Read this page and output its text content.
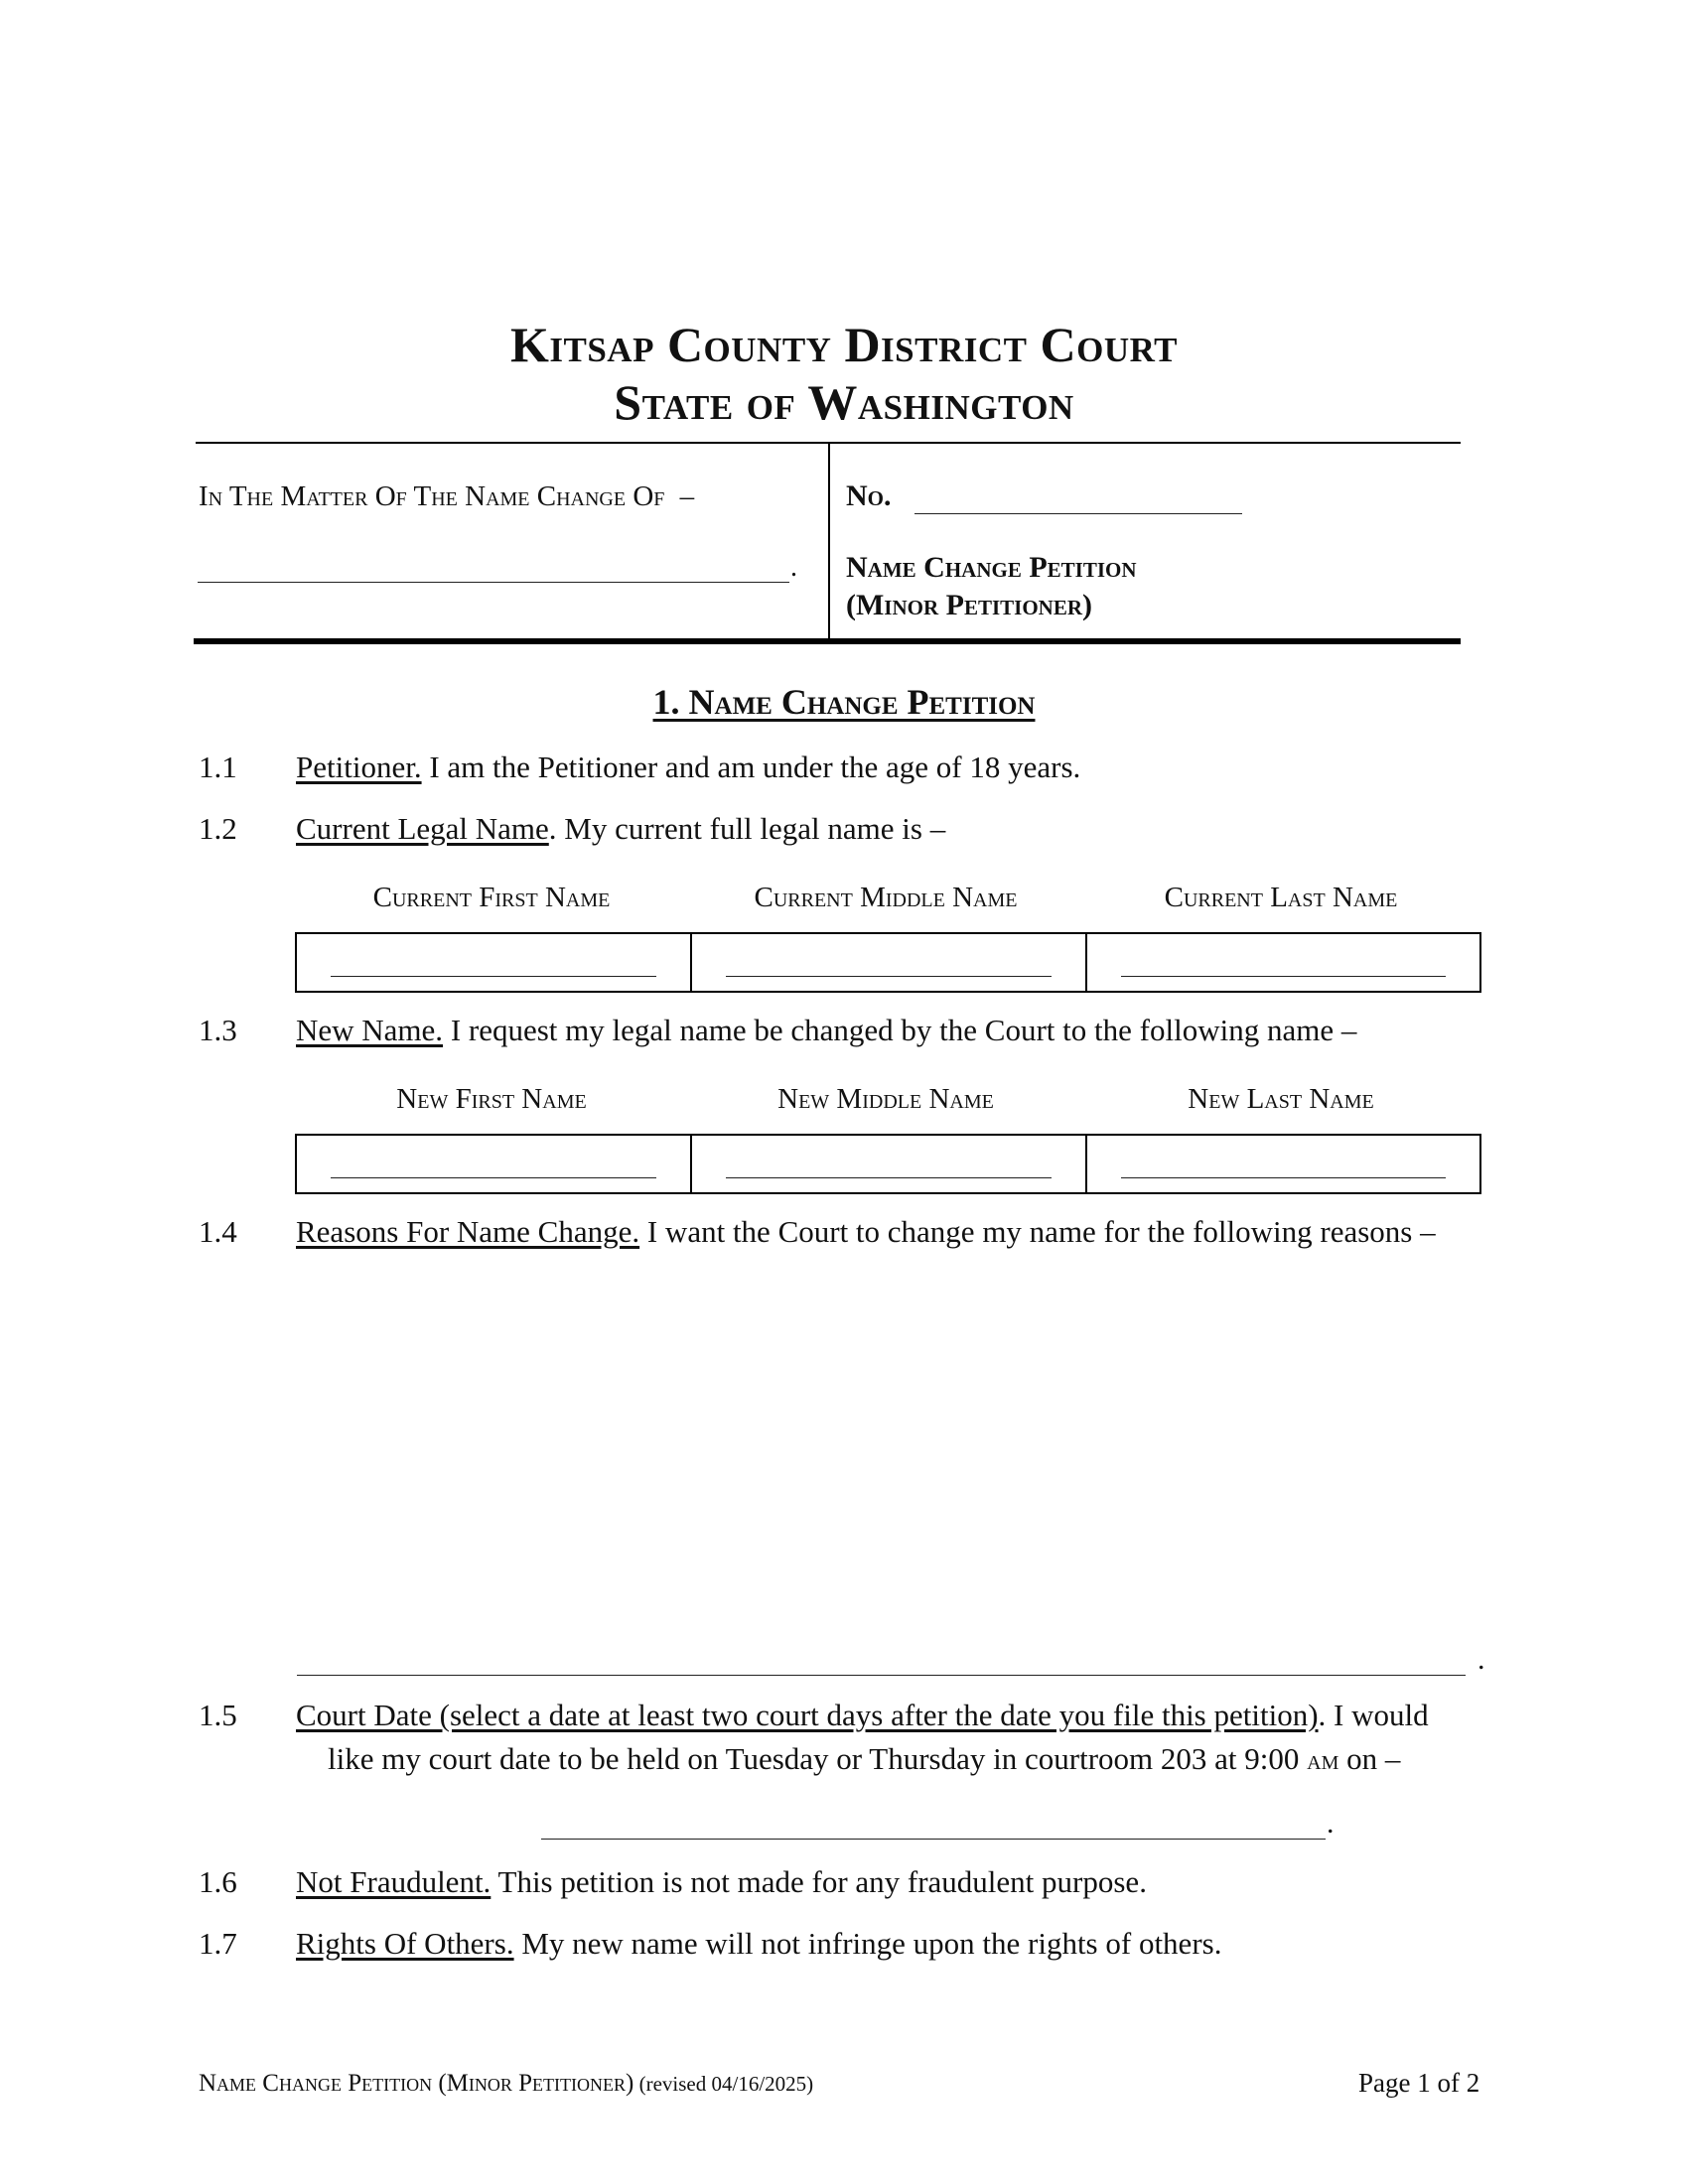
Kitsap County District Court
State of Washington
In The Matter Of The Name Change Of –
.
No.
Name Change Petition
(Minor Petitioner)
1. Name Change Petition
1.1 Petitioner. I am the Petitioner and am under the age of 18 years.
1.2 Current Legal Name. My current full legal name is –
Current First Name	Current Middle Name	Current Last Name
1.3 New Name. I request my legal name be changed by the Court to the following name –
New First Name	New Middle Name	New Last Name
1.4 Reasons For Name Change. I want the Court to change my name for the following reasons –
.
1.5 Court Date (select a date at least two court days after the date you file this petition). I would
like my court date to be held on Tuesday or Thursday in courtroom 203 at 9:00 am on –
.
1.6 Not Fraudulent. This petition is not made for any fraudulent purpose.
1.7 Rights Of Others. My new name will not infringe upon the rights of others.
Name Change Petition (Minor Petitioner) (revised 04/16/2025)	Page 1 of 2
